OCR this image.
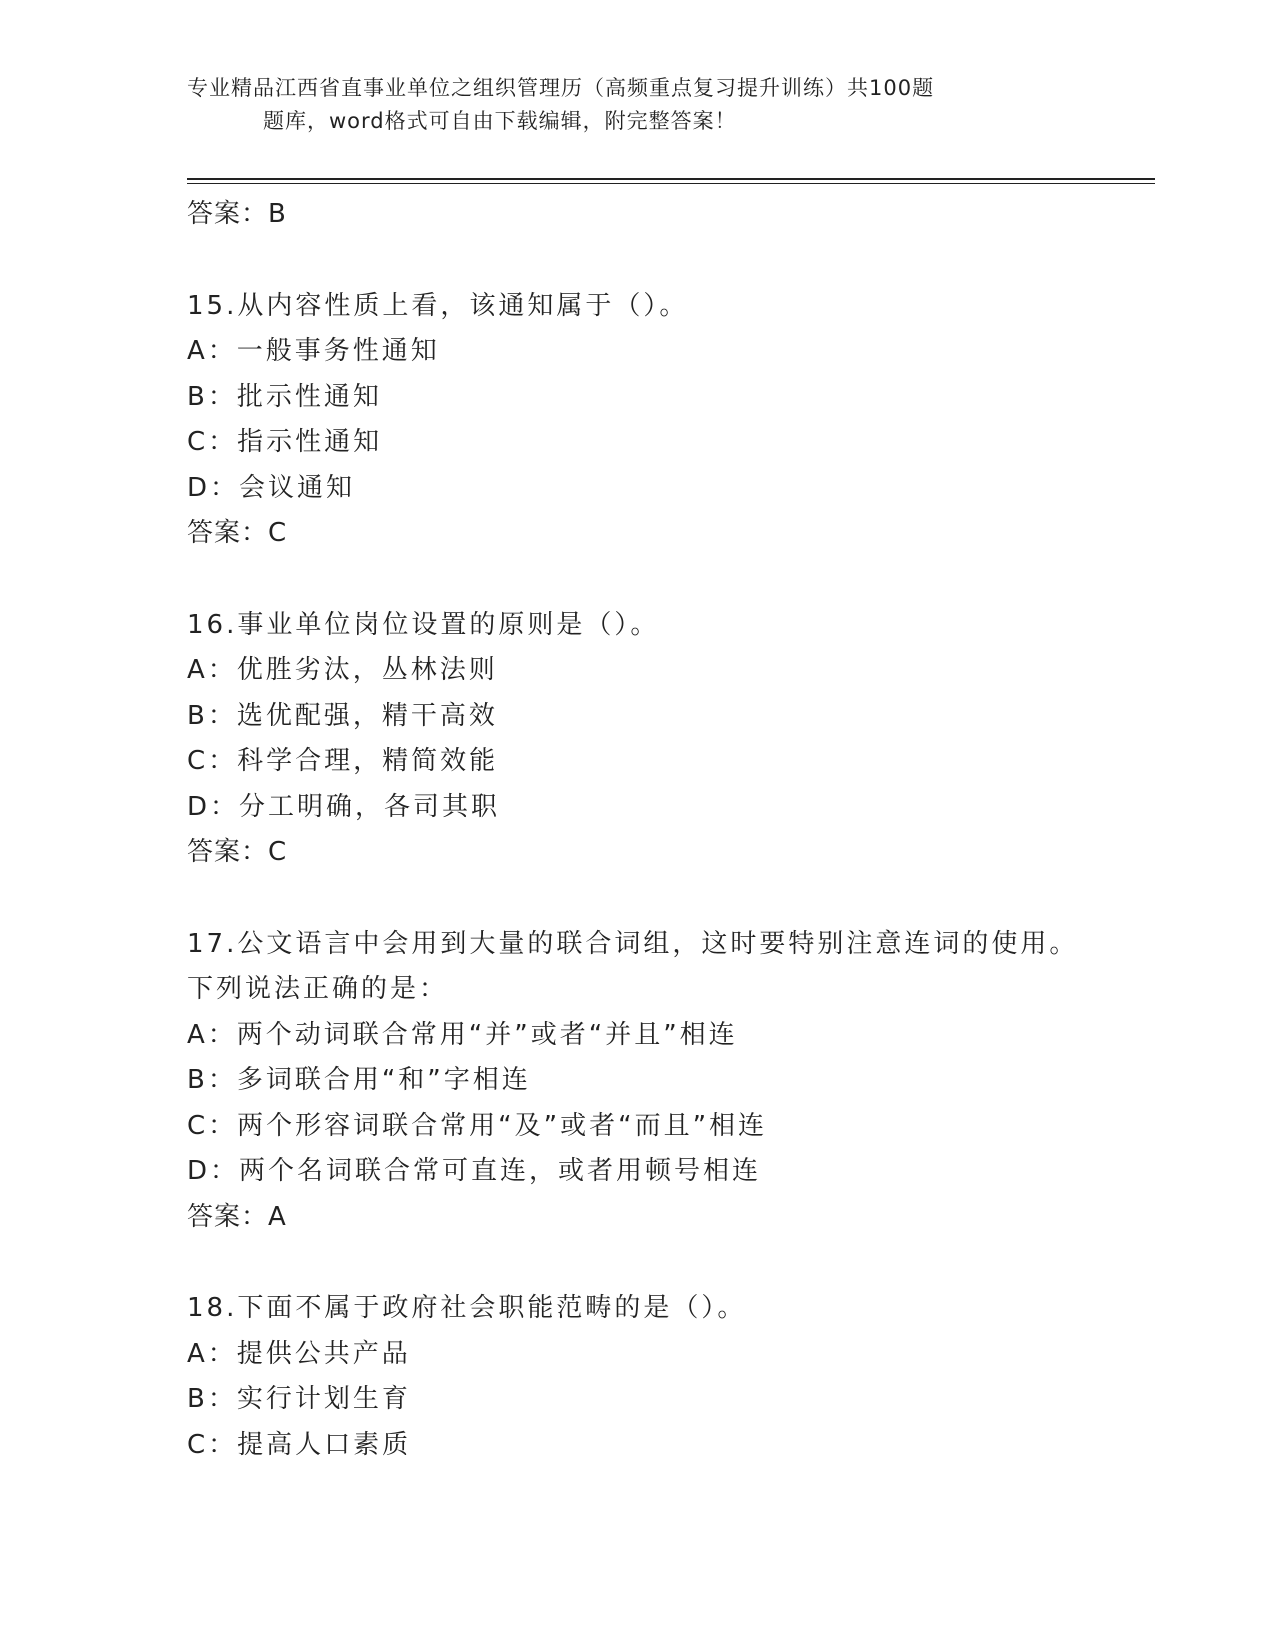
专业精品江西省直事业单位之组织管理历（高频重点复习提升训练）共100题
题库，word格式可自由下载编辑，附完整答案！
答案：B
15.从内容性质上看，该通知属于（）。
A：一般事务性通知
B：批示性通知
C：指示性通知
D：会议通知
答案：C
16.事业单位岗位设置的原则是（）。
A：优胜劣汰，丛林法则
B：选优配强，精干高效
C：科学合理，精简效能
D：分工明确，各司其职
答案：C
17.公文语言中会用到大量的联合词组，这时要特别注意连词的使用。
下列说法正确的是：
A：两个动词联合常用“并”或者“并且”相连
B：多词联合用“和”字相连
C：两个形容词联合常用“及”或者“而且”相连
D：两个名词联合常可直连，或者用顿号相连
答案：A
18.下面不属于政府社会职能范畴的是（）。
A：提供公共产品
B：实行计划生育
C：提高人口素质
